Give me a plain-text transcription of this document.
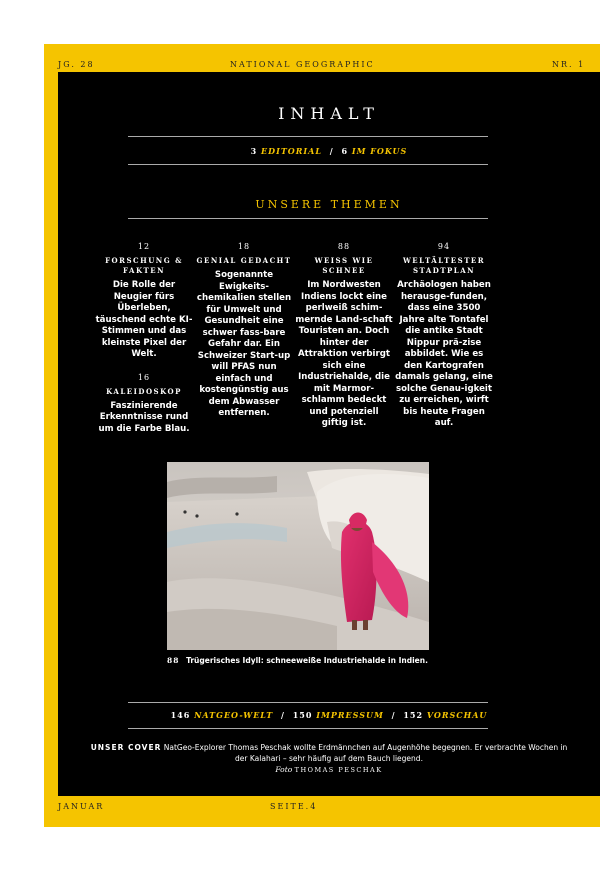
JG. 28	NATIONAL GEOGRAPHIC	NR. 1
INHALT
3 EDITORIAL / 6 IM FOKUS
UNSERE THEMEN
12
FORSCHUNG & FAKTEN
Die Rolle der Neugier fürs Überleben, täuschend echte KI-Stimmen und das kleinste Pixel der Welt.
16
KALEIDOSKOP
Faszinierende Erkenntnisse rund um die Farbe Blau.
18
GENIAL GEDACHT
Sogenannte Ewigkeits-chemikalien stellen für Umwelt und Gesundheit eine schwer fass-bare Gefahr dar. Ein Schweizer Start-up will PFAS nun einfach und kostengünstig aus dem Abwasser entfernen.
88
WEISS WIE SCHNEE
Im Nordwesten Indiens lockt eine perlweiß schim-mernde Land-schaft Touristen an. Doch hinter der Attraktion verbirgt sich eine Industriehalde, die mit Marmor-schlamm bedeckt und potenziell giftig ist.
94
WELTÄLTESTER STADTPLAN
Archäologen haben herausge-funden, dass eine 3500 Jahre alte Tontafel die antike Stadt Nippur prä-zise abbildet. Wie es den Kartografen damals gelang, eine solche Genau-igkeit zu erreichen, wirft bis heute Fragen auf.
88 Trügerisches Idyll: schneeweiße Industriehalde in Indien.
146 NATGEO-WELT / 150 IMPRESSUM / 152 VORSCHAU
UNSER COVER NatGeo-Explorer Thomas Peschak wollte Erdmännchen auf Augenhöhe begegnen. Er verbrachte Wochen in der Kalahari – sehr häufig auf dem Bauch liegend.
Foto THOMAS PESCHAK
JANUAR	SEITE.4
